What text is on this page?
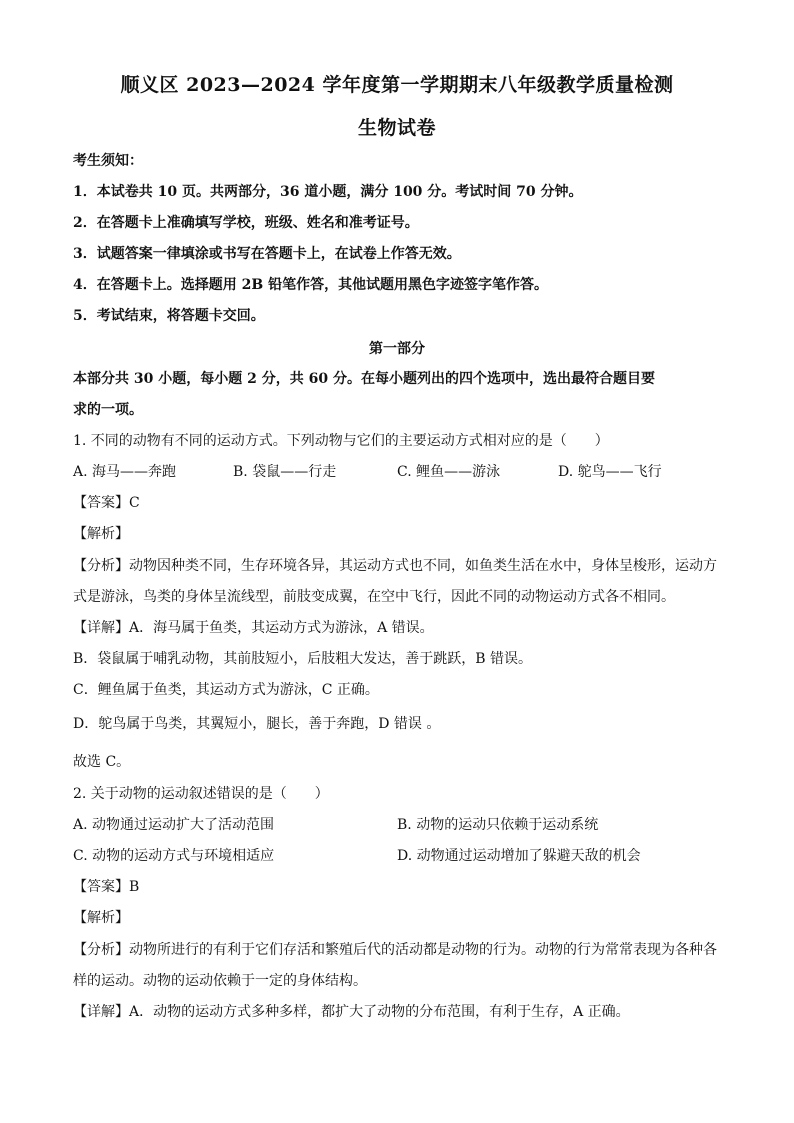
顺义区 2023—2024 学年度第一学期期末八年级教学质量检测
生物试卷
考生须知：
1．本试卷共 10 页。共两部分，36 道小题，满分 100 分。考试时间 70 分钟。
2．在答题卡上准确填写学校，班级、姓名和准考证号。
3．试题答案一律填涂或书写在答题卡上，在试卷上作答无效。
4．在答题卡上。选择题用 2B 铅笔作答，其他试题用黑色字迹签字笔作答。
5．考试结束，将答题卡交回。
第一部分
本部分共 30 小题，每小题 2 分，共 60 分。在每小题列出的四个选项中，选出最符合题目要
求的一项。
1. 不同的动物有不同的运动方式。下列动物与它们的主要运动方式相对应的是（　　）
A. 海马——奔跑	B. 袋鼠——行走	C. 鲤鱼——游泳	D. 鸵鸟——飞行
【答案】C
【解析】
【分析】动物因种类不同，生存环境各异，其运动方式也不同，如鱼类生活在水中，身体呈梭形，运动方
式是游泳，鸟类的身体呈流线型，前肢变成翼，在空中飞行，因此不同的动物运动方式各不相同。
【详解】A．海马属于鱼类，其运动方式为游泳，A 错误。
B．袋鼠属于哺乳动物，其前肢短小，后肢粗大发达，善于跳跃，B 错误。
C．鲤鱼属于鱼类，其运动方式为游泳，C 正确。
D．鸵鸟属于鸟类，其翼短小，腿长，善于奔跑，D 错误 。
故选 C。
2. 关于动物的运动叙述错误的是（　　）
A. 动物通过运动扩大了活动范围	B. 动物的运动只依赖于运动系统
C. 动物的运动方式与环境相适应	D. 动物通过运动增加了躲避天敌的机会
【答案】B
【解析】
【分析】动物所进行的有利于它们存活和繁殖后代的活动都是动物的行为。动物的行为常常表现为各种各
样的运动。动物的运动依赖于一定的身体结构。
【详解】A．动物的运动方式多种多样，都扩大了动物的分布范围，有利于生存，A 正确。
